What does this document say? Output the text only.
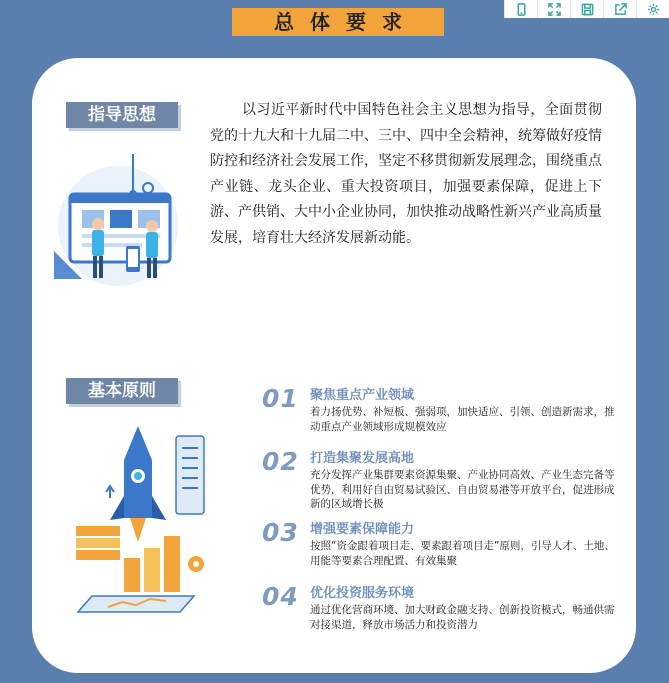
总体要求
指导思想	以习近平新时代中国特色社会主义思想为指导，全面贯彻党的十九大和十九届二中、三中、四中全会精神，统筹做好疫情防控和经济社会发展工作，坚定不移贯彻新发展理念，围绕重点产业链、龙头企业、重大投资项目，加强要素保障，促进上下游、产供销、大中小企业协同，加快推动战略性新兴产业高质量发展，培育壮大经济发展新动能。
基本原则	01 聚焦重点产业领域
着力扬优势、补短板、强弱项，加快适应、引领、创造新需求，推动重点产业领域形成规模效应
02 打造集聚发展高地
充分发挥产业集群要素资源集聚、产业协同高效、产业生态完备等优势，利用好自由贸易试验区、自由贸易港等开放平台，促进形成新的区域增长极
03 增强要素保障能力
按照“资金跟着项目走、要素跟着项目走”原则，引导人才、土地、用能等要素合理配置、有效集聚
04 优化投资服务环境
通过优化营商环境、加大财政金融支持、创新投资模式，畅通供需对接渠道，释放市场活力和投资潜力
